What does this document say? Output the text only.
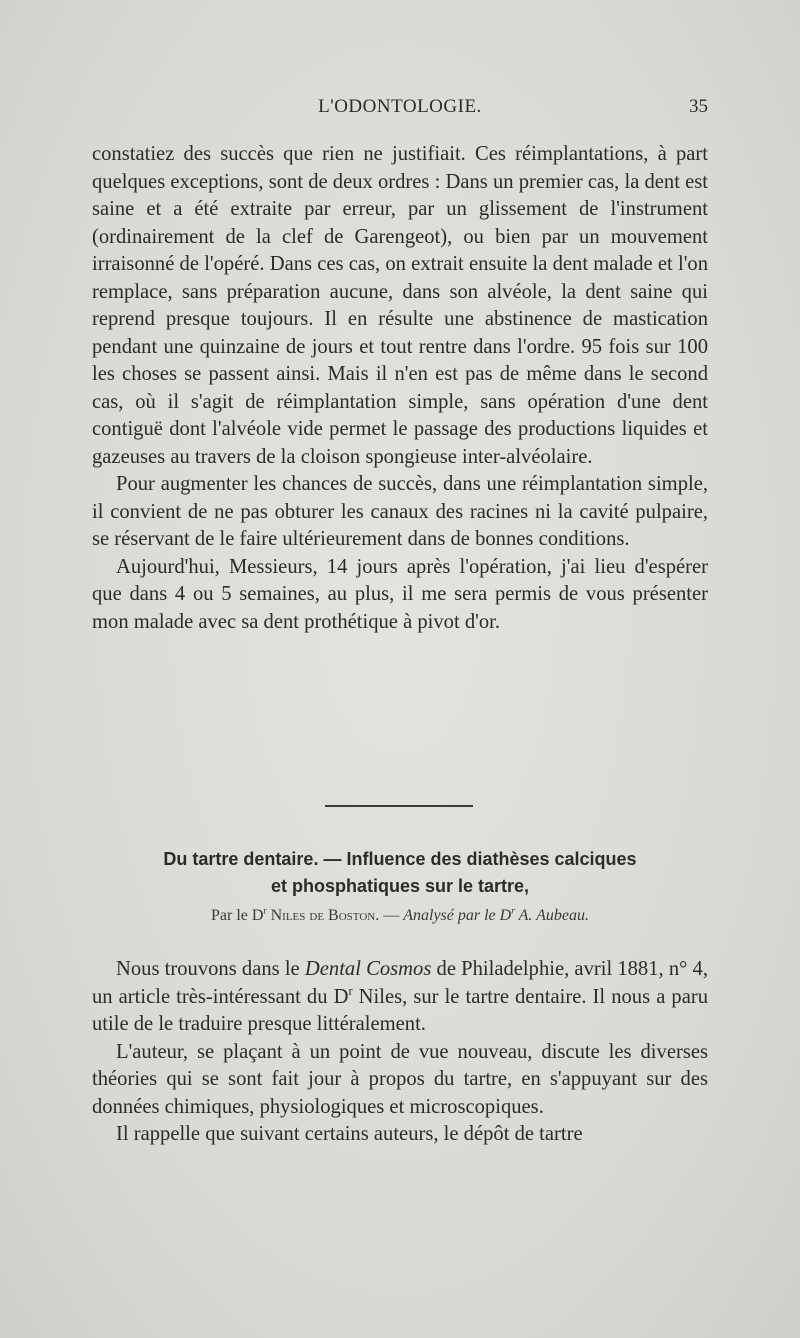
L'ODONTOLOGIE.	35

constatiez des succès que rien ne justifiait. Ces réimplantations, à part quelques exceptions, sont de deux ordres : Dans un premier cas, la dent est saine et a été extraite par erreur, par un glissement de l'instrument (ordinairement de la clef de Garengeot), ou bien par un mouvement irraisonné de l'opéré. Dans ces cas, on extrait ensuite la dent malade et l'on remplace, sans préparation aucune, dans son alvéole, la dent saine qui reprend presque toujours. Il en résulte une abstinence de mastication pendant une quinzaine de jours et tout rentre dans l'ordre. 95 fois sur 100 les choses se passent ainsi. Mais il n'en est pas de même dans le second cas, où il s'agit de réimplantation simple, sans opération d'une dent contiguë dont l'alvéole vide permet le passage des productions liquides et gazeuses au travers de la cloison spongieuse inter-alvéolaire.

Pour augmenter les chances de succès, dans une réimplantation simple, il convient de ne pas obturer les canaux des racines ni la cavité pulpaire, se réservant de le faire ultérieurement dans de bonnes conditions.

Aujourd'hui, Messieurs, 14 jours après l'opération, j'ai lieu d'espérer que dans 4 ou 5 semaines, au plus, il me sera permis de vous présenter mon malade avec sa dent prothétique à pivot d'or.

Du tartre dentaire. — Influence des diathèses calciques
et phosphatiques sur le tartre,
Par le $D^r$ Niles de Boston. — Analysé par le $D^r$ A. Aubeau.

Nous trouvons dans le Dental Cosmos de Philadelphie, avril 1881, n° 4, un article très-intéressant du $D^r$ Niles, sur le tartre dentaire. Il nous a paru utile de le traduire presque littéralement.

L'auteur, se plaçant à un point de vue nouveau, discute les diverses théories qui se sont fait jour à propos du tartre, en s'appuyant sur des données chimiques, physiologiques et microscopiques.

Il rappelle que suivant certains auteurs, le dépôt de tartre
